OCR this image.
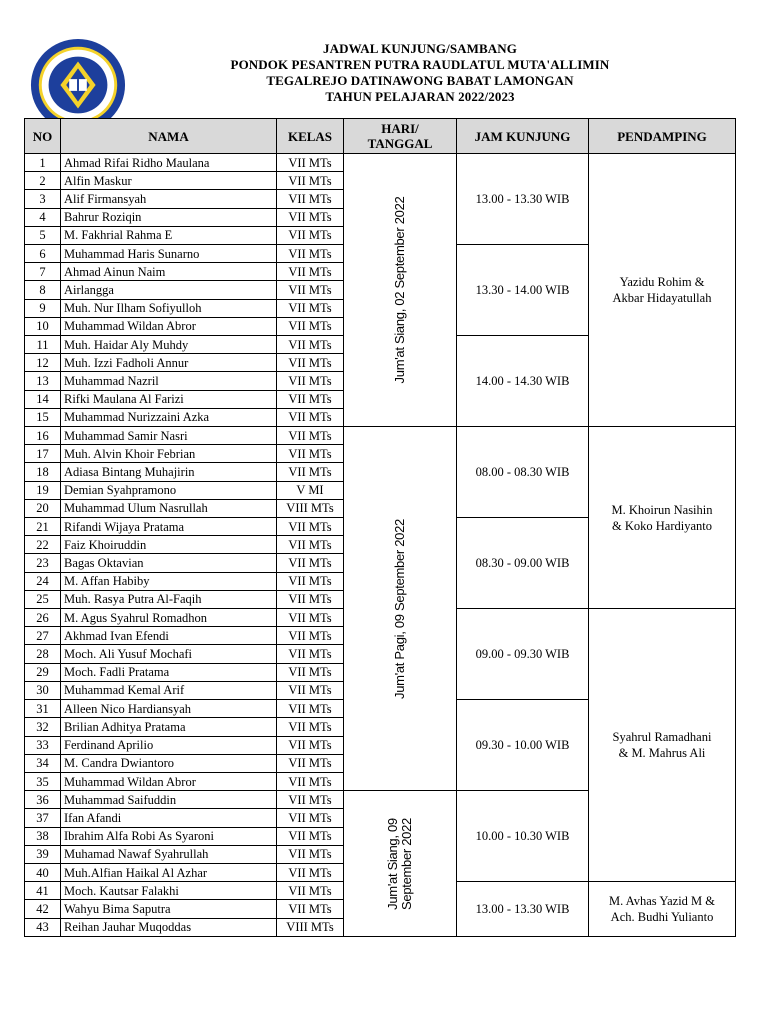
JADWAL KUNJUNG/SAMBANG
PONDOK PESANTREN PUTRA RAUDLATUL MUTA'ALLIMIN
TEGALREJO DATINAWONG BABAT LAMONGAN
TAHUN PELAJARAN 2022/2023
NO	NAMA	KELAS	HARI/
TANGGAL	JAM KUNJUNG	PENDAMPING
1	Ahmad Rifai Ridho Maulana	VII MTs	Jum'at Siang, 02 September 2022	13.00 - 13.30 WIB	Yazidu Rohim &
Akbar Hidayatullah

2	Alfin Maskur	VII MTs			
3	Alif Firmansyah	VII MTs			
4	Bahrur Roziqin	VII MTs			
5	M. Fakhrial Rahma E	VII MTs			
6	Muhammad Haris Sunarno	VII MTs		13.30 - 14.00 WIB	
7	Ahmad Ainun Naim	VII MTs			
8	Airlangga	VII MTs			
9	Muh. Nur Ilham Sofiyulloh	VII MTs			
10	Muhammad Wildan Abror	VII MTs			
11	Muh. Haidar Aly Muhdy	VII MTs		14.00 - 14.30 WIB	
12	Muh. Izzi Fadholi Annur	VII MTs			
13	Muhammad Nazril	VII MTs			
14	Rifki Maulana Al Farizi	VII MTs			
15	Muhammad Nurizzaini Azka	VII MTs			
16	Muhammad Samir Nasri	VII MTs	Jum'at Pagi, 09 September 2022	08.00 - 08.30 WIB	M. Khoirun Nasihin
& Koko Hardiyanto

17	Muh. Alvin Khoir Febrian	VII MTs			
18	Adiasa Bintang Muhajirin	VII MTs			
19	Demian Syahpramono	V MI			
20	Muhammad Ulum Nasrullah	VIII MTs			
21	Rifandi Wijaya Pratama	VII MTs		08.30 - 09.00 WIB	
22	Faiz Khoiruddin	VII MTs			
23	Bagas Oktavian	VII MTs			
24	M. Affan Habiby	VII MTs			
25	Muh. Rasya Putra Al-Faqih	VII MTs			
26	M. Agus Syahrul Romadhon	VII MTs		09.00 - 09.30 WIB	Syahrul Ramadhani
& M. Mahrus Ali

27	Akhmad Ivan Efendi	VII MTs			
28	Moch. Ali Yusuf Mochafi	VII MTs			
29	Moch. Fadli Pratama	VII MTs			
30	Muhammad Kemal Arif	VII MTs			
31	Alleen Nico Hardiansyah	VII MTs		09.30 - 10.00 WIB	
32	Brilian Adhitya Pratama	VII MTs			
33	Ferdinand Aprilio	VII MTs			
34	M. Candra Dwiantoro	VII MTs			
35	Muhammad Wildan Abror	VII MTs			
36	Muhammad Saifuddin	VII MTs	Jum'at Siang, 09 September 2022	10.00 - 10.30 WIB	
37	Ifan Afandi	VII MTs			
38	Ibrahim Alfa Robi As Syaroni	VII MTs			
39	Muhamad Nawaf Syahrullah	VII MTs			
40	Muh.Alfian Haikal Al Azhar	VII MTs			
41	Moch. Kautsar Falakhi	VII MTs		13.00 - 13.30 WIB	M. Avhas Yazid M &
Ach. Budhi Yulianto

42	Wahyu Bima Saputra	VII MTs			
43	Reihan Jauhar Muqoddas	VIII MTs			
